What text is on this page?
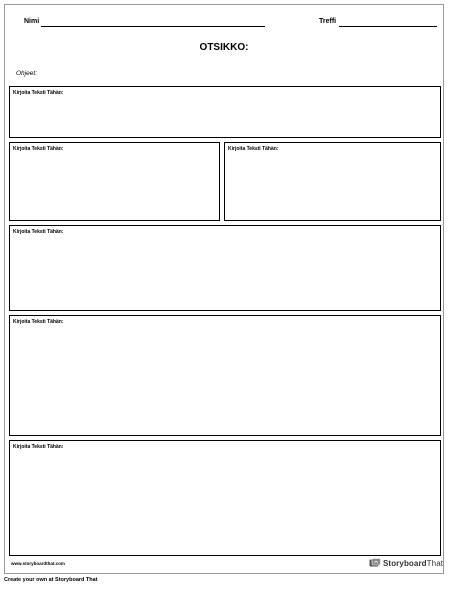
Nimi	Treffi
OTSIKKO:
Ohjeet:
Kirjoita Teksti Tähän:
Kirjoita Teksti Tähän:	Kirjoita Teksti Tähän:
Kirjoita Teksti Tähän:
Kirjoita Teksti Tähän:
Kirjoita Teksti Tähän:
www.storyboardthat.com	StoryboardThat
Create your own at Storyboard That
